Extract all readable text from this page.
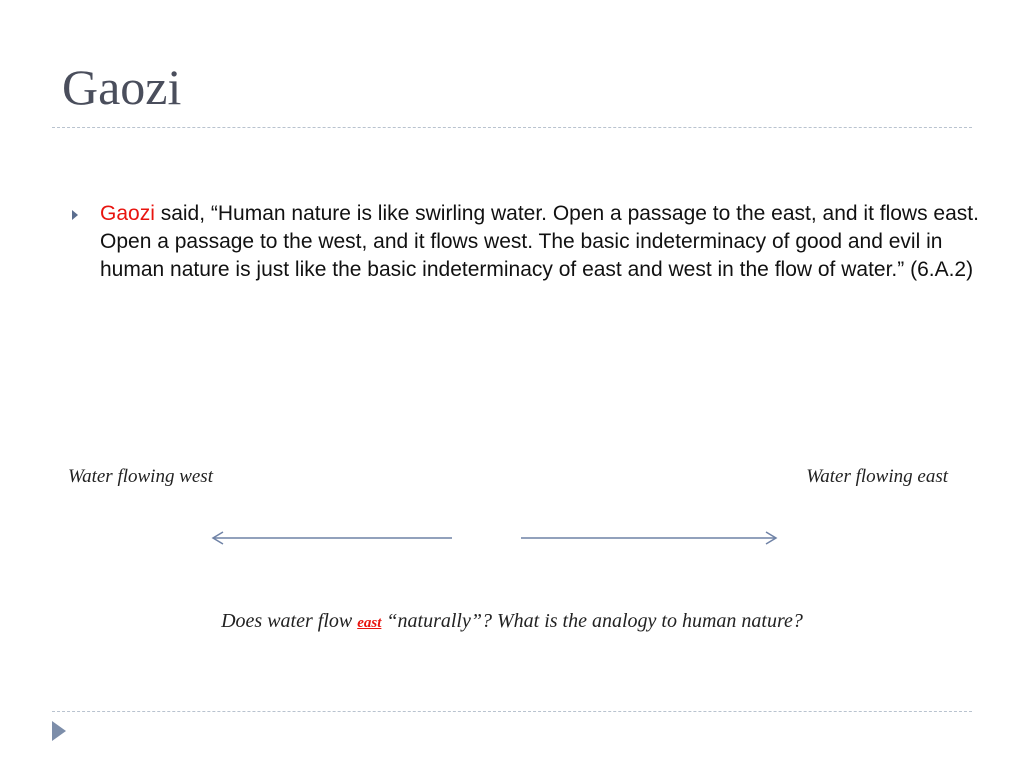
Gaozi
Gaozi said, “Human nature is like swirling water. Open a passage to the east, and it flows east. Open a passage to the west, and it flows west. The basic indeterminacy of good and evil in human nature is just like the basic indeterminacy of east and west in the flow of water.” (6.A.2)
Water flowing west	Water flowing east
Does water flow east “naturally”? What is the analogy to human nature?
